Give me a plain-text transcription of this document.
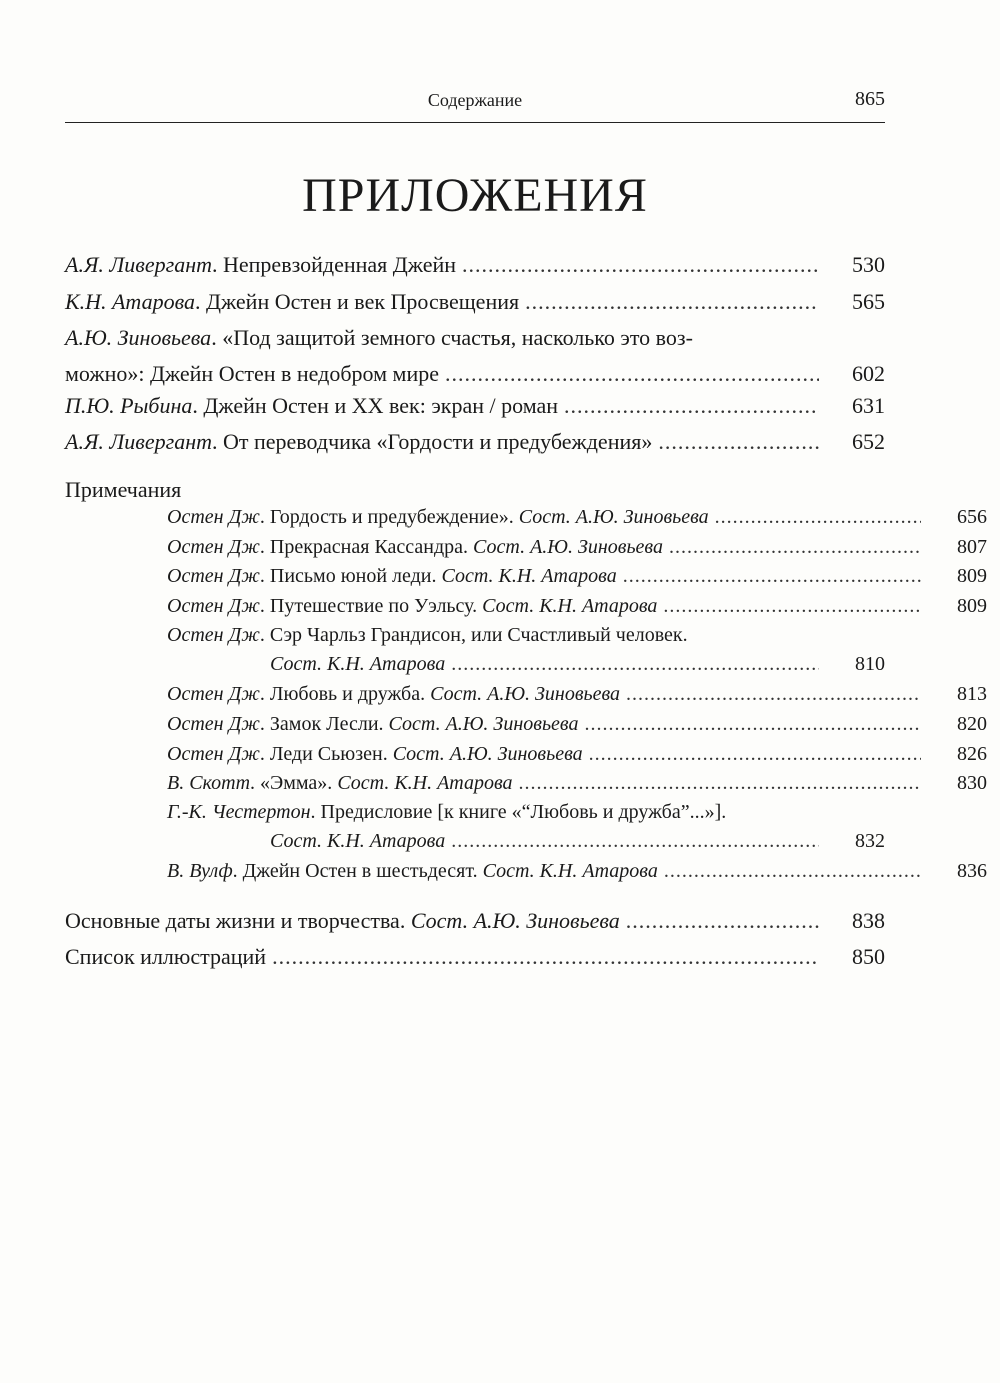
Содержание	865
ПРИЛОЖЕНИЯ
А.Я. Ливергант. Непревзойденная Джейн .....	530
К.Н. Атарова. Джейн Остен и век Просвещения .....	565
А.Ю. Зиновьева. «Под защитой земного счастья, насколько это воз-
можно»: Джейн Остен в недобром мире .....	602
П.Ю. Рыбина. Джейн Остен и XX век: экран / роман .....	631
А.Я. Ливергант. От переводчика «Гордости и предубеждения» .....	652
Примечания
Остен Дж. Гордость и предубеждение». Сост. А.Ю. Зиновьева .....	656
Остен Дж. Прекрасная Кассандра. Сост. А.Ю. Зиновьева .....	807
Остен Дж. Письмо юной леди. Сост. К.Н. Атарова .....	809
Остен Дж. Путешествие по Уэльсу. Сост. К.Н. Атарова .....	809
Остен Дж. Сэр Чарльз Грандисон, или Счастливый человек.
Сост. К.Н. Атарова .....	810
Остен Дж. Любовь и дружба. Сост. А.Ю. Зиновьева .....	813
Остен Дж. Замок Лесли. Сост. А.Ю. Зиновьева .....	820
Остен Дж. Леди Сьюзен. Сост. А.Ю. Зиновьева .....	826
В. Скотт. «Эмма». Сост. К.Н. Атарова .....	830
Г.-К. Честертон. Предисловие [к книге «“Любовь и дружба”...»].
Сост. К.Н. Атарова .....	832
В. Вулф. Джейн Остен в шестьдесят. Сост. К.Н. Атарова .....	836
Основные даты жизни и творчества. Сост. А.Ю. Зиновьева .....	838
Список иллюстраций .....	850
